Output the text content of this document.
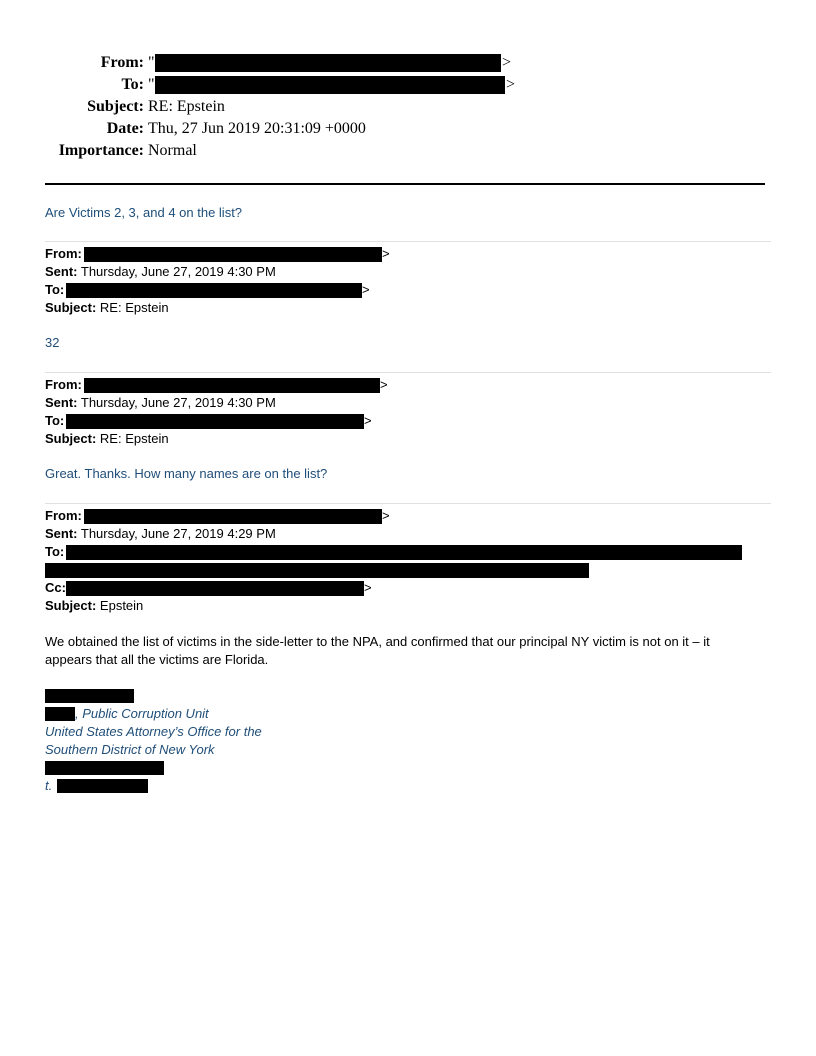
From: "	>
To: "	>
Subject: RE: Epstein
Date: Thu, 27 Jun 2019 20:31:09 +0000
Importance: Normal
Are Victims 2, 3, and 4 on the list?
From:	>
Sent: Thursday, June 27, 2019 4:30 PM
To:	>
Subject: RE: Epstein
32
From:	>
Sent: Thursday, June 27, 2019 4:30 PM
To:	>
Subject: RE: Epstein
Great. Thanks. How many names are on the list?
From:	>
Sent: Thursday, June 27, 2019 4:29 PM
To:
Cc:	>
Subject: Epstein
We obtained the list of victims in the side-letter to the NPA, and confirmed that our principal NY victim is not on it – it
appears that all the victims are Florida.
, Public Corruption Unit
United States Attorney’s Office for the
Southern District of New York
t.
